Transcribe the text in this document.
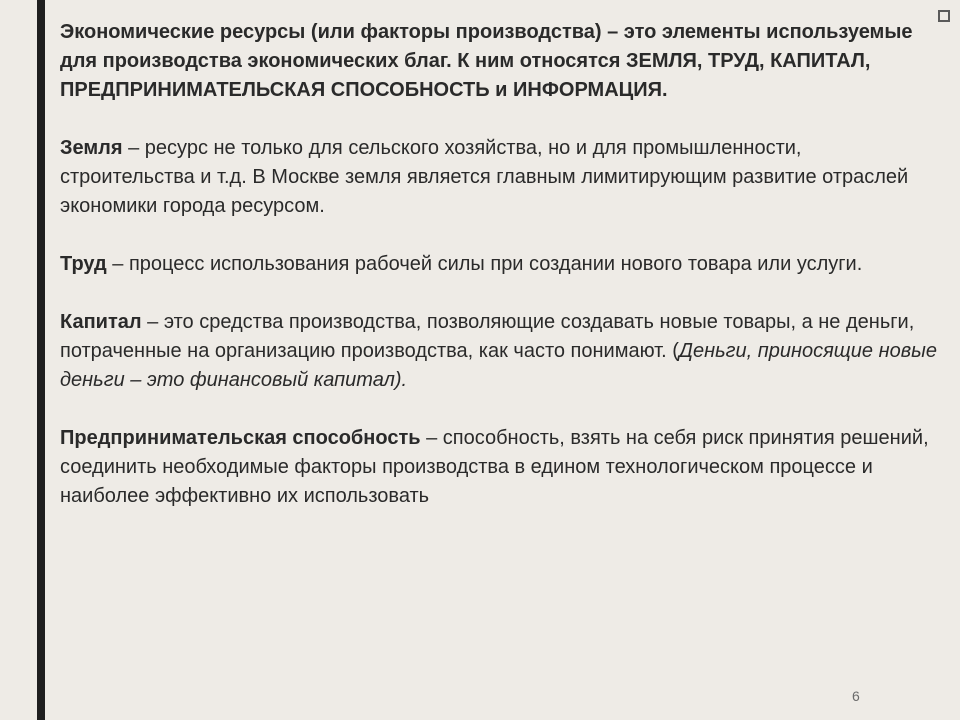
Экономические ресурсы (или факторы производства) – это элементы используемые для производства экономических благ. К ним относятся ЗЕМЛЯ, ТРУД, КАПИТАЛ, ПРЕДПРИНИМАТЕЛЬСКАЯ СПОСОБНОСТЬ и ИНФОРМАЦИЯ.

Земля – ресурс не только для сельского хозяйства, но и для промышленности, строительства и т.д. В Москве земля является главным лимитирующим развитие отраслей экономики города ресурсом.

Труд – процесс использования рабочей силы при создании нового товара или услуги.

Капитал – это средства производства, позволяющие создавать новые товары, а не деньги, потраченные на организацию производства, как часто понимают. (Деньги, приносящие новые деньги – это финансовый капитал).

Предпринимательская способность – способность, взять на себя риск принятия решений, соединить необходимые факторы производства в едином технологическом процессе и наиболее эффективно их использовать

6
